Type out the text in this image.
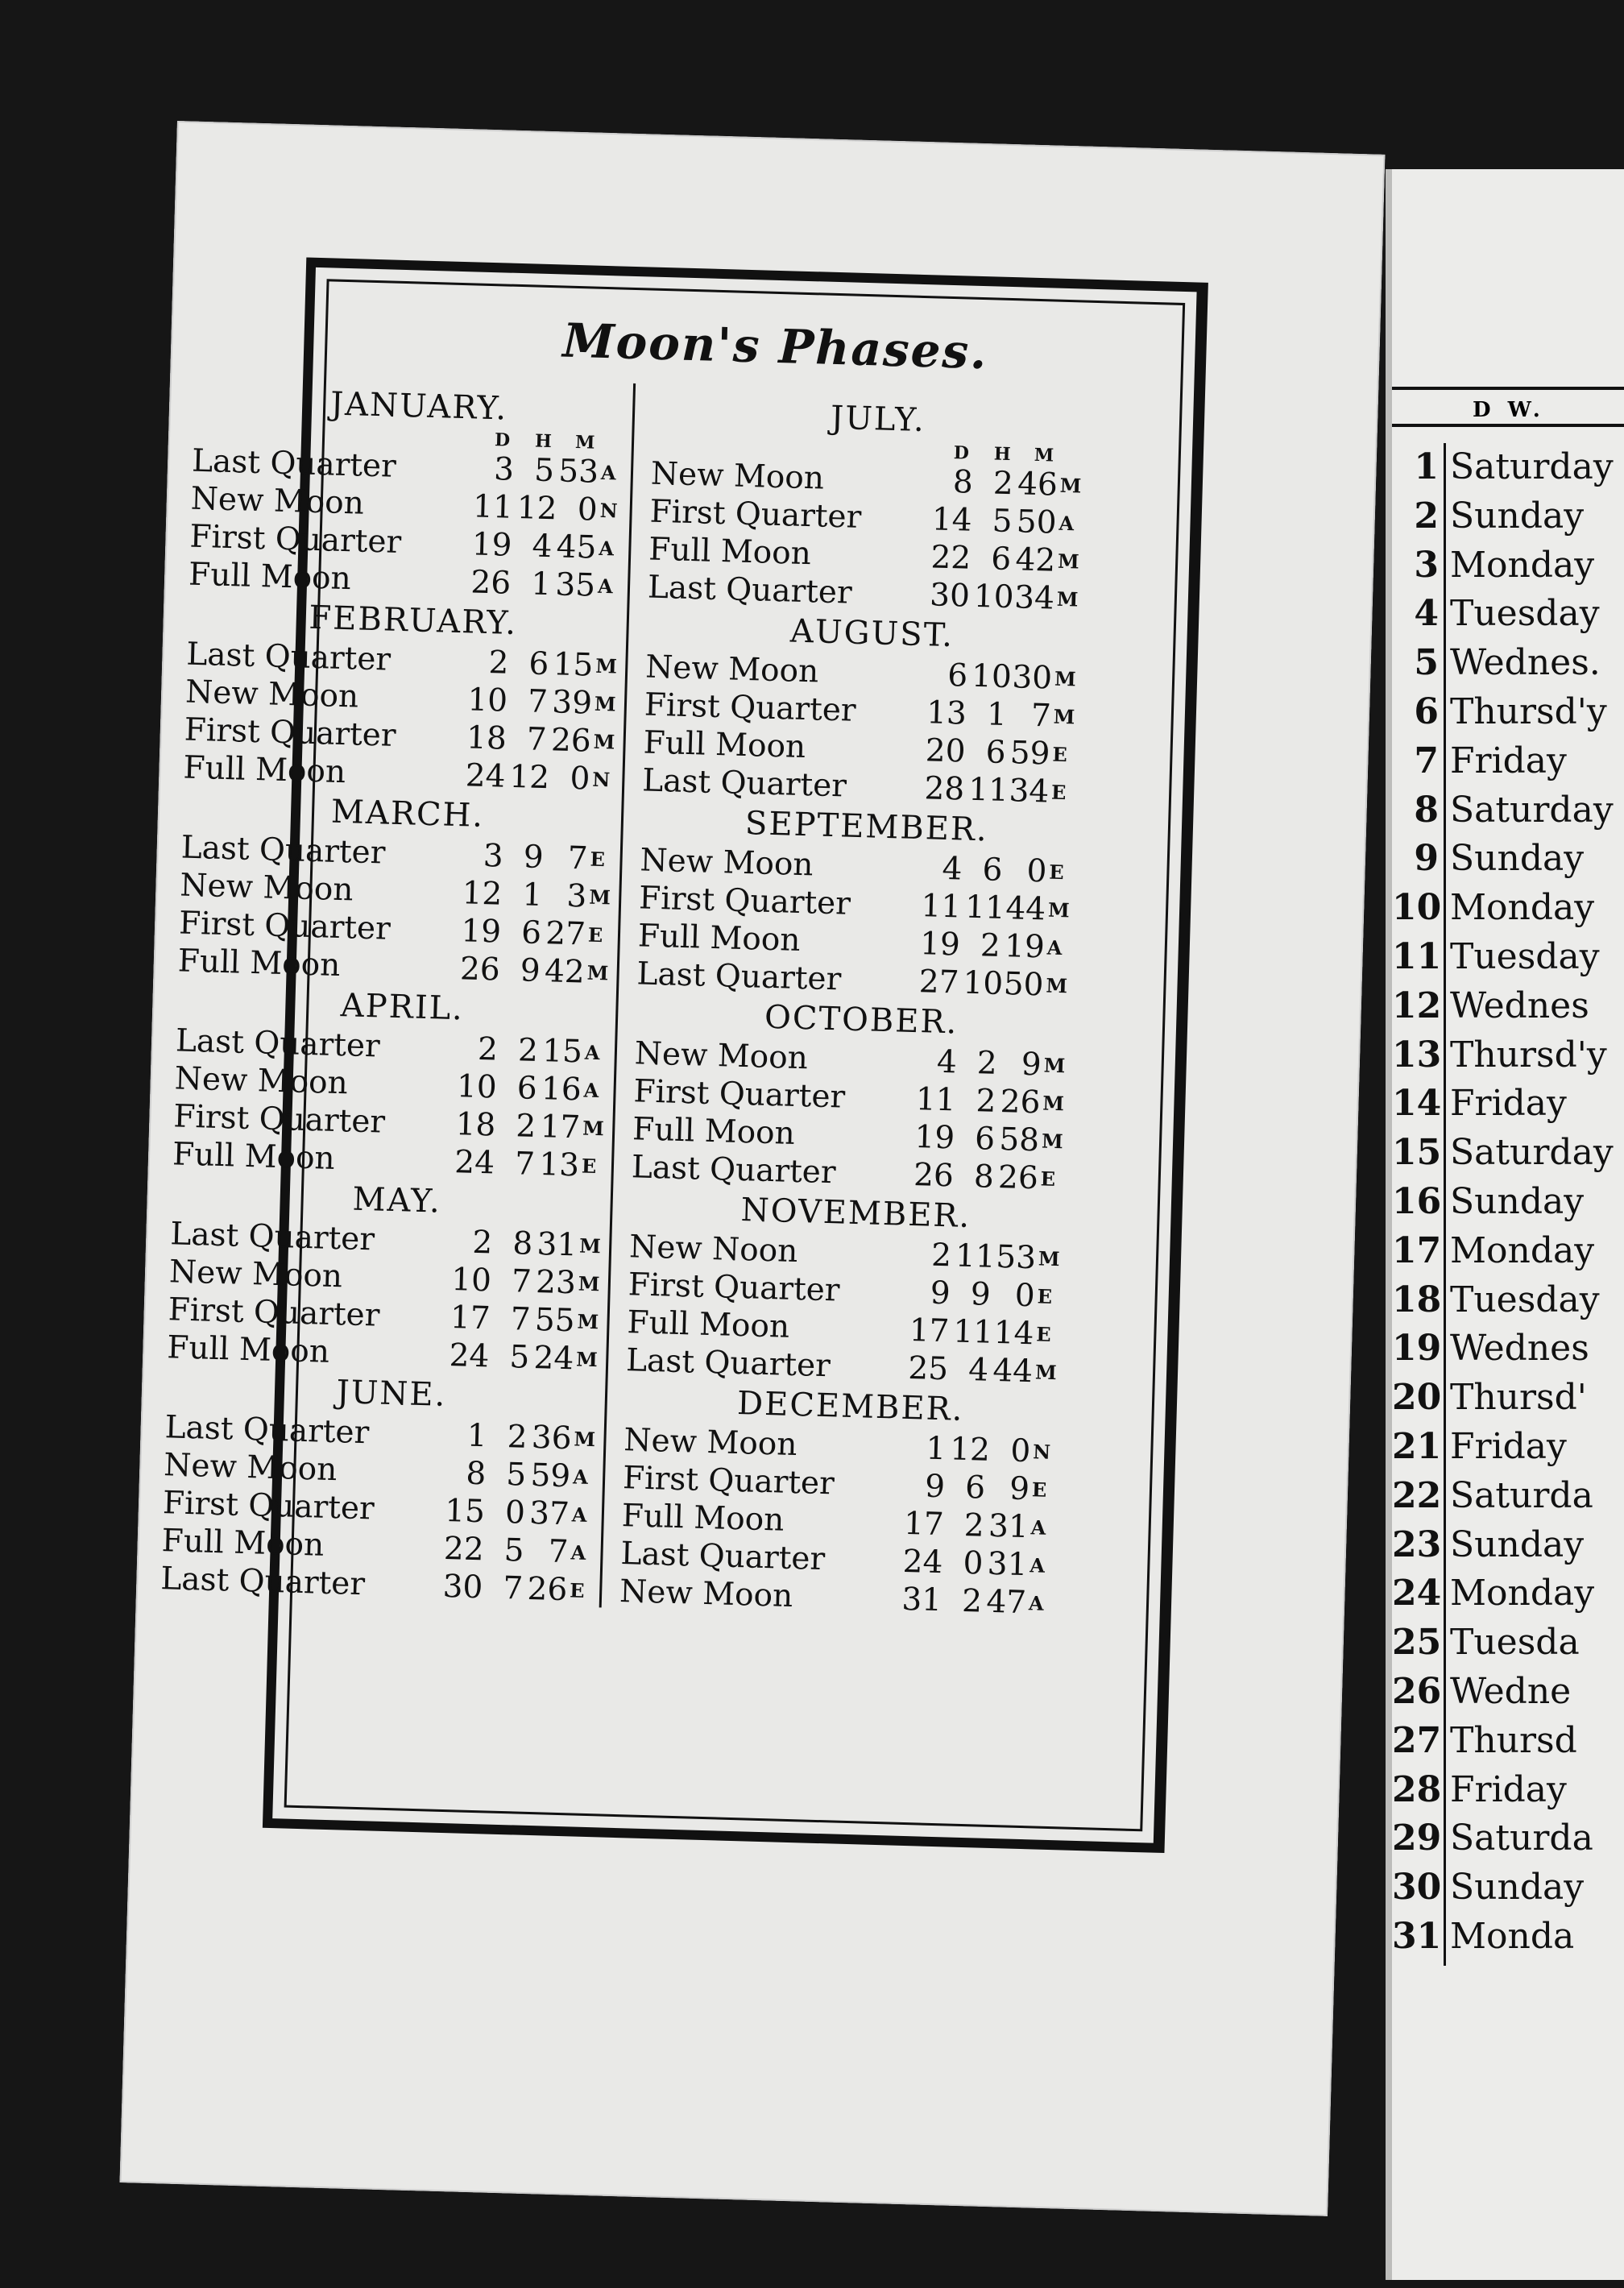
Moon's Phases.
JANUARY.
D H M
Last Quarter	3 5 53 A
New Moon	11 12 0 N
First Quarter 19 4 45 A
Full Moon	26 1 35 A
FEBRUARY.
Last Quarter	2 6 15 M
New Moon	10 7 39 M
First Quarter 18 7 26 M
Full Moon	24 12 0 N
MARCH.
Last Quarter	3 9 7 E
New Moon	12 1 3 M
First Quarter 19 6 27 E
Full Moon	26 9 42 M
APRIL.
Last Quarter	2 2 15 A
New Moon	10 6 16 A
First Quarter 18 2 17 M
Full Moon	24 7 13 E
MAY.
Last Quarter	2 8 31 M
New Moon	10 7 23 M
First Quarter 17 7 55 M
Full Moon	24 5 24 M
JUNE.
Last Quarter	1 2 36 M
New Moon	8 5 59 A
First Quarter 15 0 37 A
Full Moon	22 5 7 A
Last Quarter 30 7 26 E
JULY.
D H M
New Moon	8 2 46 M
First Quarter 14 5 50 A
Full Moon	22 6 42 M
Last Quarter 30 10 34 M
AUGUST.
New Moon	6 10 30 M
First Quarter 13 1 7 M
Full Moon	20 6 59 E
Last Quarter 28 11 34 E
SEPTEMBER.
New Moon	4 6 0 E
First Quarter 11 11 44 M
Full Moon	19 2 19 A
Last Quarter 27 10 50 M
OCTOBER.
New Moon	4 2 9 M
First Quarter 11 2 26 M
Full Moon	19 6 58 M
Last Quarter 26 8 26 E
NOVEMBER.
New Noon	2 11 53 M
First Quarter	9 9 0 E
Full Moon	17 11 14 E
Last Quarter 25 4 44 M
DECEMBER.
New Moon	1 12 0 N
First Quarter	9 6 9 E
Full Moon	17 2 31 A
Last Quarter 24 0 31 A
New Moon	31 2 47 A
D W.
1 Saturday
2 Sunday
3 Monday
4 Tuesday
5 Wednes.
6 Thursd'y
7 Friday
8 Saturday
9 Sunday
10 Monday
11 Tuesday
12 Wednes
13 Thursd'y
14 Friday
15 Saturday
16 Sunday
17 Monday
18 Tuesday
19 Wednes
20 Thursd'
21 Friday
22 Saturda
23 Sunday
24 Monday
25 Tuesda
26 Wedne
27 Thursd
28 Friday
29 Saturda
30 Sunday
31 Monda
